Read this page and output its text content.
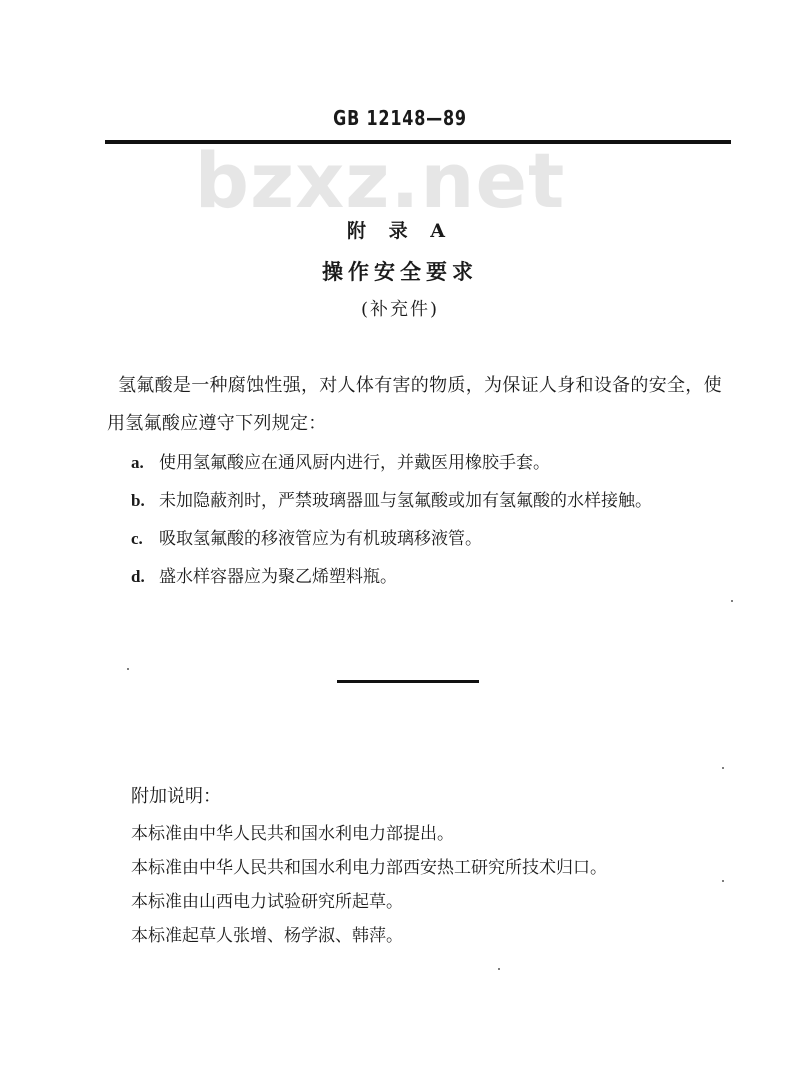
GB 12148—89
bzxz.net
附 录 A
操作安全要求
(补充件)
氢氟酸是一种腐蚀性强，对人体有害的物质，为保证人身和设备的安全，使用氢氟酸应遵守下列规定：
a. 使用氢氟酸应在通风厨内进行，并戴医用橡胶手套。
b. 未加隐蔽剂时，严禁玻璃器皿与氢氟酸或加有氢氟酸的水样接触。
c. 吸取氢氟酸的移液管应为有机玻璃移液管。
d. 盛水样容器应为聚乙烯塑料瓶。
附加说明：
本标准由中华人民共和国水利电力部提出。
本标准由中华人民共和国水利电力部西安热工研究所技术归口。
本标准由山西电力试验研究所起草。
本标准起草人张增、杨学淑、韩萍。
